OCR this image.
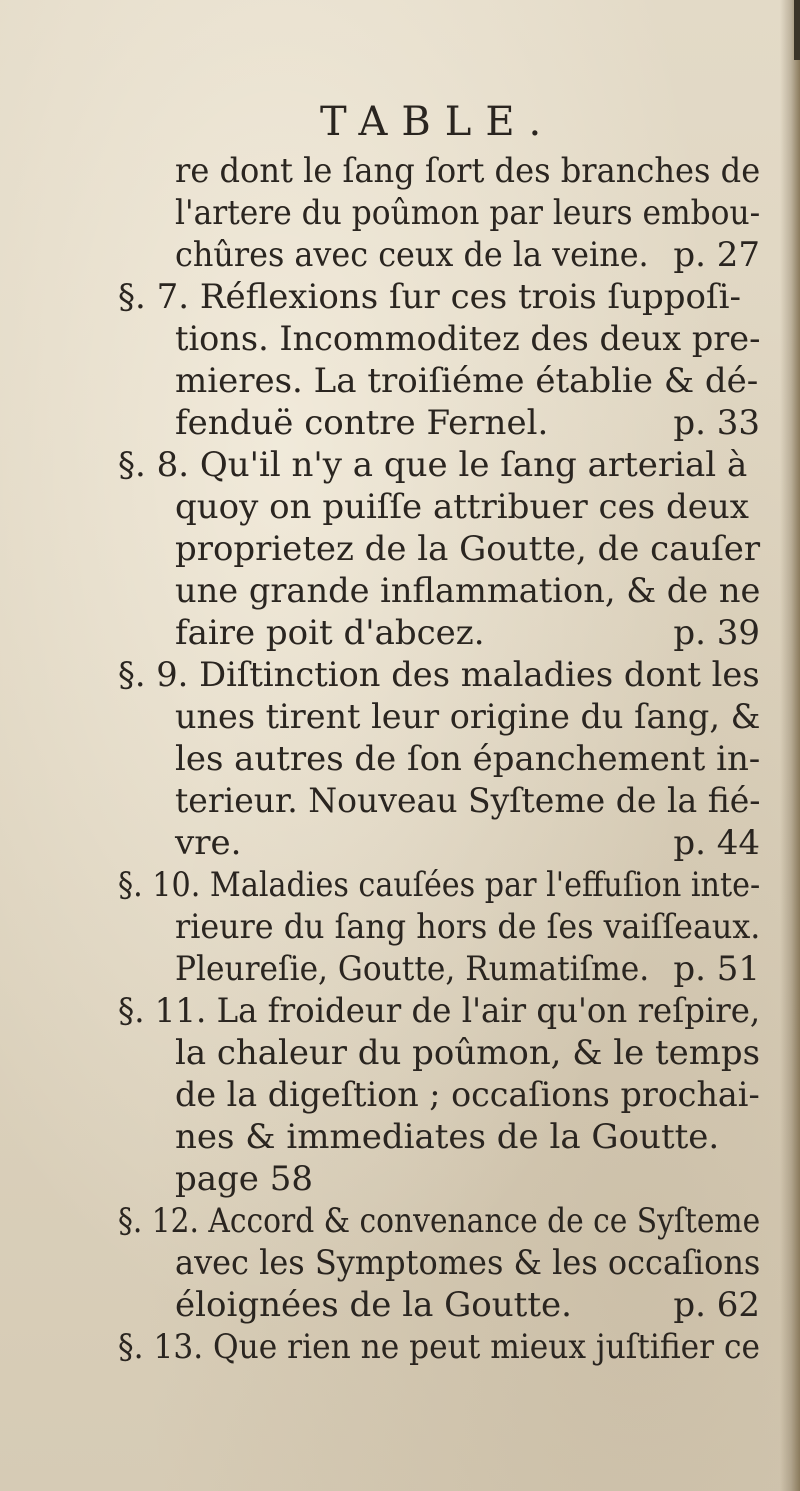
TABLE.
re dont le ſang ſort des branches de
l'artere du poûmon par leurs embou-
chûres avec ceux de la veine. p. 27
§. 7. Réflexions ſur ces trois ſuppoſi-
tions. Incommoditez des deux pre-
mieres. La troiſiéme établie & dé-
fenduë contre Fernel.	p. 33
§. 8. Qu'il n'y a que le ſang arterial à
quoy on puiſſe attribuer ces deux
proprietez de la Goutte, de cauſer
une grande inflammation, & de ne
faire poit d'abcez.	p. 39
§. 9. Diſtinction des maladies dont les
unes tirent leur origine du ſang, &
les autres de ſon épanchement in-
terieur. Nouveau Syſteme de la fié-
vre.	p. 44
§. 10. Maladies cauſées par l'effuſion inte-
rieure du ſang hors de ſes vaiſſeaux.
Pleureſie, Goutte, Rumatiſme. p. 51
§. 11. La froideur de l'air qu'on reſpire,
la chaleur du poûmon, & le temps
de la digeſtion ; occaſions prochai-
nes & immediates de la Goutte.
page 58
§. 12. Accord & convenance de ce Syſteme
avec les Symptomes & les occaſions
éloignées de la Goutte.	p. 62
§. 13. Que rien ne peut mieux juſtifier ce
